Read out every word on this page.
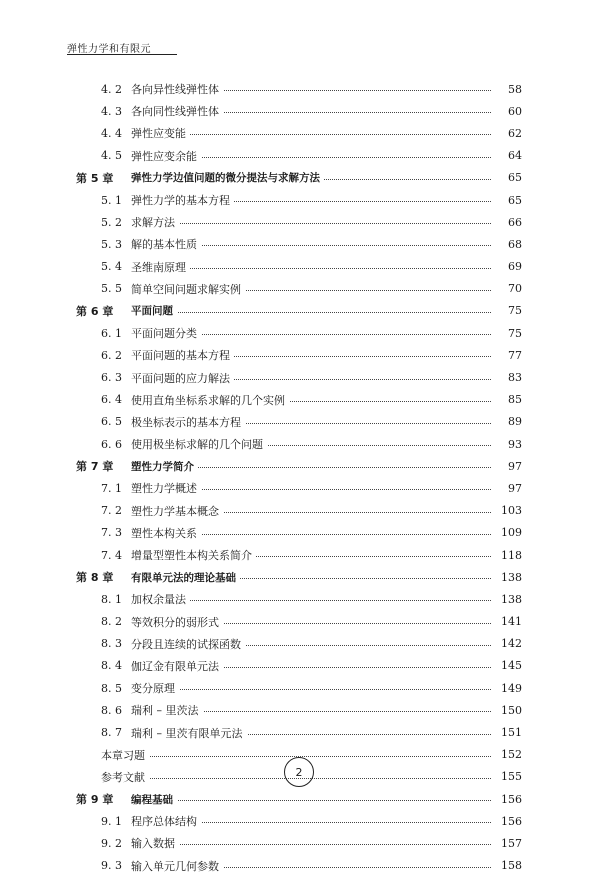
弹性力学和有限元
4. 2 各向异性线弹性体	58
4. 3 各向同性线弹性体	60
4. 4 弹性应变能	62
4. 5 弹性应变余能	64
第 5 章	弹性力学边值问题的微分提法与求解方法	65
5. 1 弹性力学的基本方程	65
5. 2 求解方法	66
5. 3 解的基本性质	68
5. 4 圣维南原理	69
5. 5 简单空间问题求解实例	70
第 6 章	平面问题	75
6. 1 平面问题分类	75
6. 2 平面问题的基本方程	77
6. 3 平面问题的应力解法	83
6. 4 使用直角坐标系求解的几个实例	85
6. 5 极坐标表示的基本方程	89
6. 6 使用极坐标求解的几个问题	93
第 7 章	塑性力学简介	97
7. 1 塑性力学概述	97
7. 2 塑性力学基本概念	103
7. 3 塑性本构关系	109
7. 4 增量型塑性本构关系简介	118
第 8 章	有限单元法的理论基础	138
8. 1 加权余量法	138
8. 2 等效积分的弱形式	141
8. 3 分段且连续的试探函数	142
8. 4 伽辽金有限单元法	145
8. 5 变分原理	149
8. 6 瑞利 – 里茨法	150
8. 7 瑞利 – 里茨有限单元法	151
本章习题	152
参考文献	155
第 9 章	编程基础	156
9. 1 程序总体结构	156
9. 2 输入数据	157
9. 3 输入单元几何参数	158
2
